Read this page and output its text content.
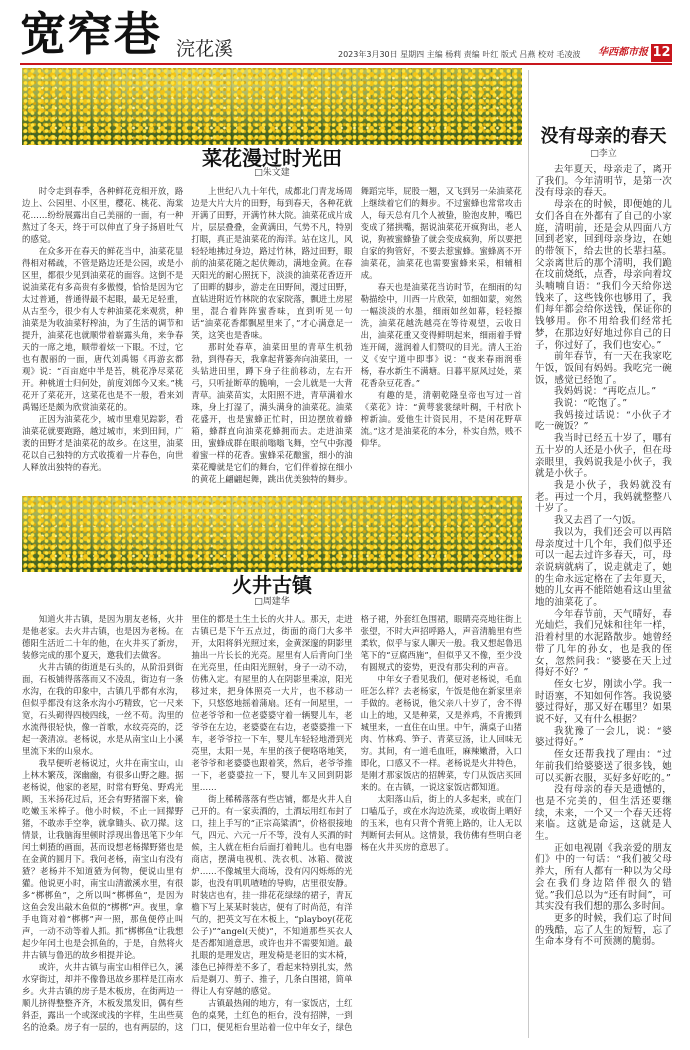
宽窄巷 浣花溪	2023年3月30日 星期四 主编 杨莉 责编 叶红 版式 吕燕 校对 毛凌波 华西都市报 12
菜花漫过时光田
□朱文建

时令走到春季，各种鲜花竞相开放，路边上、公园里、小区里，樱花、桃花、海棠花……纷纷展露出自己美丽的一面，有一种熬过了冬天，终于可以伸直了身子扬眉吐气的感觉。

在众多开在春天的鲜花当中，油菜花显得相对稀疏，不管是路边还是公园，或是小区里，都很少见到油菜花的面容。这倒不是说油菜花有多高贵有多傲慢，恰恰是因为它太过普通，普通得最不起眼，最无足轻重，从古至今，很少有人专种油菜花来观赏，种油菜是为收油菜籽榨油，为了生活的调节和提升，油菜花也就顺带着崭露头角，来争春天的一席之地，顺带着炫一下眼。不过，它也有靓丽的一面，唐代刘禹锡《再游玄都观》说：“百亩庭中半是苔，桃花净尽菜花开。种桃道士归何处，前度刘郎今又来。”桃花开了菜花开，这菜花也是不一般，看来刘禹锡还是颇为欣赏油菜花的。

正因为油菜花少，城市里难见踪影，看油菜花就要跑路，越过城市，来到田间，广袤的田野才是油菜花的故乡。在这里，油菜花以自己独特的方式收揽着一片春色，向世人释放出独特的春光。

上世纪八九十年代，成都北门青龙场周边是大片大片的田野，每到春天，各种花就开满了田野，开满竹林大院。油菜花成片成片，层层叠叠，金黄满田，气势不凡，特别打眼，真正是油菜花的海洋。站在这儿，风轻轻地拂过身边，路过竹林，路过田野，眼前的油菜花随之起伏舞动，满地金黄。在春天阳光的耐心照抚下，淡淡的油菜花香迈开了田畔的脚步，游走在田野间，漫过田野，直钻进附近竹林院的农家院落，飘进土房屋里，混合着阵阵蜜香味，直到听见一句话“油菜花香都飘屋里来了，”才心满意足一笑，这笑也是香味。

那时处春草，油菜田里的青草生机勃勃，到得春天，我拿起背篓奔向油菜田，一头钻进田里，蹲下身子往前移动，左右开弓，只听扯断草的脆响，一会儿就是一大背青草。油菜苗实，太阳照不进，青草满着水珠，身上打湿了，满头满身的油菜花。油菜花盛开，也是蜜蜂正忙时，田边摆放着蜂箱，蜂群直向油菜花蜂拥而去。走进油菜田，蜜蜂成群在眼前嗡嗡飞舞，空气中弥漫着蜜一样的花香。蜜蜂采花酿蜜，细小的油菜花瓣就是它们的舞台，它们伴着掠在细小的黄花上翩翩起舞，跳出优美独特的舞步。舞蹈完毕，屁股一翘，又飞到另一朵油菜花上继续着它们的舞步。不过蜜蜂也常常攻击人，每天总有几个人被蛰，脸泡皮肿，嘴巴变成了猪拱嘴，据说油菜花开疯狗出，老人说，狗被蜜蜂蛰了就会变成疯狗，所以要把自家的狗管好，不要去惹蜜蜂。蜜蜂离不开油菜花，油菜花也需要蜜蜂来采，相辅相成。

春天也是油菜花当访时节，在细雨的勾勒描绘中，川西一片欣荣，如细如蒙，宛然一幅淡淡的水墨，细雨如丝如幕，轻轻擦洗，油菜花越洗越亮在等待观望，云收日出，油菜花重又变得鲜明起来，细雨着手臂连开阔，滋润着人们赞叹的目光。清人王治义《安宁道中即事》说：“夜来春雨润垂杨，春水新生不满塘。日暮平原风过处，菜花香杂豆花香。”

有趣的是，清朝乾隆皇帝也写过一首《菜花》诗：“黄萼裳裳绿叶稠，千村欣卜榨新油。爱他生计资民用，不是闲花野草流。”这才是油菜花的本分，朴实自然，贱不仰华。

火井古镇
□周建华

知道火井古镇，是因为朋友老杨，火井是他老家。去火井古镇，也是因为老杨。在德阳生活近二十年的他，在火井买了新房，装修完成的那个夏天，邀我们去做客。

火井古镇的街道是石头的，从阶沿到街面，石板铺得落落而又不凌乱，街边有一条水沟，在我的印象中，古镇几乎都有水沟，但似乎都没有这条水沟小巧精致，它一尺来宽，石头砌得四棱四线，一丝不苟。沟里的水流得很轻快，像一首歌，水纹亮亮的，泛起一袭清凉。老杨说，水是从南宝山上小溪里流下来的山泉水。

我早便听老杨说过，火井在南宝山，山上林木繁茂，深幽幽，有很多山野之趣。据老杨说，他家的老屋，时常有野兔、野鸡光顾，玉米扬花过后，还会有野猪溜下来，偷吃嫩玉米棒子。他小时候，不止一回撵野猪，不敢赤手空拳，就拿锄头、砍刀撵。这情景，让我脑海里顿时浮现出鲁迅笔下少年闰土刺猹的画面，甚而设想老杨撵野猪也是在金黄的圆月下。我问老杨，南宝山有没有猹？老杨并不知道猹为何物，便说山里有獾。他说更小时，南宝山清澈溪水里，有很多“梆梆鱼”，之所以叫“梆梆鱼”，是因为这鱼会发出敲木鱼似的“梆梆”声。夜里，拿手电筒对着“梆梆”声一照，那鱼便停止叫声，一动不动等着人抓。抓“梆梆鱼”让我想起少年闰土也是会抓鱼的，于是，自然将火井古镇与鲁迅的故乡相提并论。

或许，火井古镇与南宝山相伴已久，溪水穿街过，却并不像鲁迅故乡那样是江南水乡。火井古镇的房子是木板房，在街两边一顺儿挤得整整齐齐，木板发黑发旧，偶有些斜歪，露出一个或深或浅的字样，生出些莫名的沧桑。房子有一层的，也有两层的，这里住的都是土生土长的火井人。那天，走进古镇已是下午五点过，街面的商门大多半开，太阳将斜光照过来，金黄深邃的阴影里抽出一片长长的光亮。屋里有人后背向门坐在光亮里，任由阳光照射，身子一动不动，仿佛入定。有屋里的人在阴影里乘凉，阳光移过来，把身体照亮一大片，也不移动一下，只悠悠地摇着蒲扇。还有一间屋里，一位老爷爷和一位老婆婆守着一辆婴儿车，老爷爷在左边，老婆婆在右边，老婆婆推一下车，老爷爷拉一下车，婴儿车轻轻地滑到光亮里，太阳一晃，车里的孩子便咯咯地笑，老爷爷和老婆婆也跟着笑，然后，老爷爷推一下，老婆婆拉一下，婴儿车又回到阴影里……

街上稀稀落落有些店铺，都是火井人自己开的。有一家卖酒的，土酒坛用红布封了口，挂上手写的“正宗高粱酒”，价格很接地气，四元、六元一斤不等，没有人买酒的时候，主人就在柜台后面打着盹儿。也有电器商店，摆满电视机、洗衣机、冰箱、微波炉……不像城里大商场，没有闪闪烁烁的光影，也没有叽叽喳喳的导购，店里很安静。时装店也有，挂一排花花绿绿的裙子，青瓦檐下写上某某时装店，便有了时尚范，有洋气的，把英文写在木板上，“playboy(花花公子)”“angel(天使)”，不知道那些买衣人是否都知道意思，或许也并不需要知道。最扎眼的是理发店，理发椅是老旧的实木椅，漆色已掉得差不多了，看起来特别扎实，然后是剃刀、剪子、推子，几条白围裙，简单得让人有穿越的感觉。

古镇最热闹的地方，有一家饭店，土红色的桌凳，土红色的柜台，没有招牌，一到门口，便见柜台里站着一位中年女子，绿色格子裙，外套红色围裙，眼睛亮亮地往街上张望，不时大声招呼路人，声音清脆里有些柔软，似乎与家人聊天一般。我又想起鲁迅笔下的“豆腐西施”，但似乎又不像，至少没有圆规式的姿势，更没有那尖利的声音。

中年女子看见我们，便对老杨说，毛血旺怎么样？去老杨家，午饭是他在新家里亲手做的。老杨说，他父亲八十岁了，舍不得山上的地，又是种菜，又是养鸡，不肯搬到城里来，一直住在山里。中午，满桌子山猪肉、竹林鸡、笋子、青菜豆汤，让人回味无穷。其间，有一道毛血旺，麻辣嫩滑，入口即化，口感又不一样。老杨说是火井特色，是刚才那家饭店的招牌菜，专门从饭店买回来的。在古镇，一说这家饭店都知道。

太阳落山后，街上的人多起来，或在门口嗑瓜子，或在水沟边洗菜，或收街上晒好的玉米，也有只背个背篼上路的，让人无以判断何去何从。这情景，我仿佛有些明白老杨在火井买房的意思了。

没有母亲的春天
□李立

去年夏天，母亲走了，离开了我们。今年清明节，是第一次没有母亲的春天。

母亲在的时候，即便她的儿女们各自在外都有了自己的小家庭，清明前，还是会从四面八方回到老家，回到母亲身边，在她的带领下，给去世的长辈扫墓。父亲离世后的那个清明，我们跪在坟前烧纸，点香，母亲向着坟头喃喃自语：“我们今天给你送钱来了，这些钱你也够用了，我们每年都会给你送钱，保证你的钱够用。你不用给我们经常托梦，在那边好好地过你自己的日子，你过好了，我们也安心。”

前年春节，有一天在我家吃午饭，饭间有妈妈。我吃完一碗饭，感觉已经饱了。

我妈妈说：“再吃点儿。”

我说：“吃饱了。”

我妈接过话说：“小伙子才吃一碗饭？”

我当时已经五十岁了，哪有五十岁的人还是小伙子，但在母亲眼里，我妈说我是小伙子，我就是小伙子。

我是小伙子，我妈就没有老。再过一个月，我妈就整整八十岁了。

我又去舀了一勺饭。

我以为，我们还会可以再陪母亲度过十几个年，我们似乎还可以一起去过许多春天，可，母亲说病就病了，说走就走了，她的生命永远定格在了去年夏天，她的儿女再不能陪她看这山里盆地的油菜花了。

今年春节前，天气晴好，春光灿烂，我们兄妹和往年一样，沿着村里的水泥路散步。她曾经带了几年的孙女，也是我的侄女，忽然问我：“婆婆在天上过得好不好？”

侄女七岁，刚读小学。我一时语塞，不知如何作答。我说婆婆过得好，那又好在哪里？如果说不好，又有什么根据？

我犹豫了一会儿，说：“婆婆过得好。”

侄女还帮我找了理由：“过年前我们给婆婆送了很多钱，她可以买新衣服，买好多好吃的。”

没有母亲的春天是遗憾的，也是不完美的，但生活还要继续，未来，一个又一个春天还将来临。这就是命运，这就是人生。

正如电视剧《我亲爱的朋友们》中的一句话：“我们被父母养大，所有人都有一种以为父母会在我们身边陪伴很久的错觉。”我们总以为“还有时间”，可其实没有我们想的那么多时间。

更多的时候，我们忘了时间的残酷，忘了人生的短暂，忘了生命本身有不可预测的脆弱。
